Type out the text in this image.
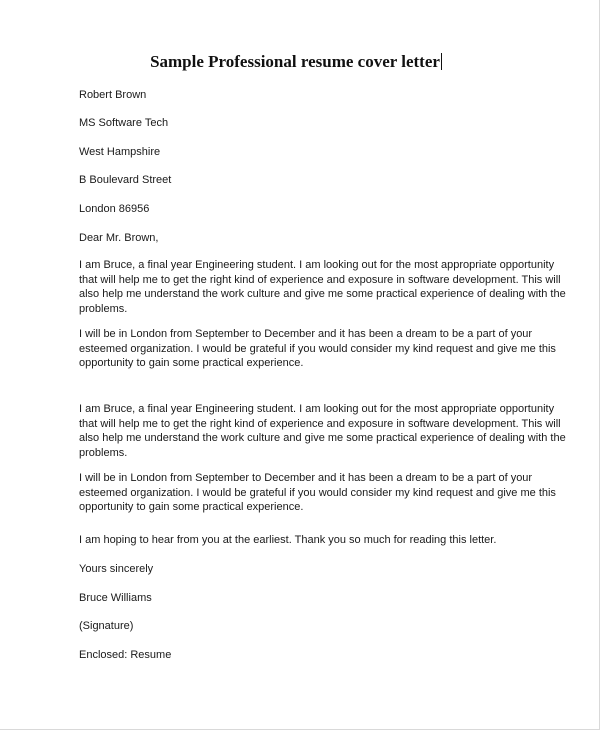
Sample Professional resume cover letter

Robert Brown

MS Software Tech

West Hampshire

B Boulevard Street

London 86956

Dear Mr. Brown,

I am Bruce, a final year Engineering student. I am looking out for the most appropriate opportunity
that will help me to get the right kind of experience and exposure in software development. This will
also help me understand the work culture and give me some practical experience of dealing with the
problems.
I will be in London from September to December and it has been a dream to be a part of your
esteemed organization. I would be grateful if you would consider my kind request and give me this
opportunity to gain some practical experience.
I am Bruce, a final year Engineering student. I am looking out for the most appropriate opportunity
that will help me to get the right kind of experience and exposure in software development. This will
also help me understand the work culture and give me some practical experience of dealing with the
problems.
I will be in London from September to December and it has been a dream to be a part of your
esteemed organization. I would be grateful if you would consider my kind request and give me this
opportunity to gain some practical experience.

I am hoping to hear from you at the earliest. Thank you so much for reading this letter.

Yours sincerely

Bruce Williams

(Signature)

Enclosed: Resume
